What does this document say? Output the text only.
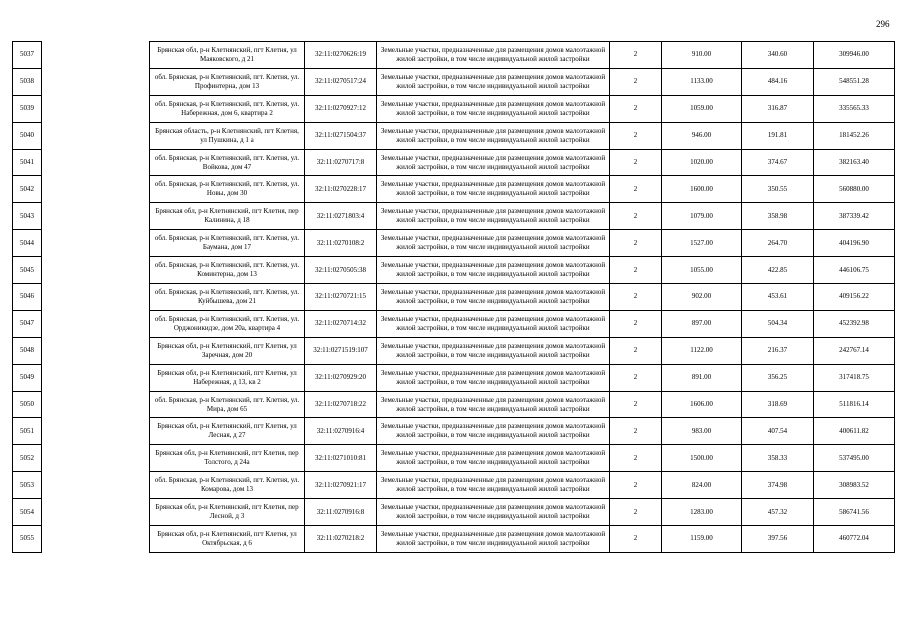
296
5037		Брянская обл, р-н Клетнянский, пгт Клетня, ул Маяковского, д 21	32:11:0270626:19	Земельные участки, предназначенные для размещения домов малоэтажной жилой застройки, в том числе индивидуальной жилой застройки	2	910.00	340.60	309946.00
5038		обл. Брянская, р-н Клетнянский, пгт. Клетня, ул. Профинтерна, дом 13	32:11:0270517:24	Земельные участки, предназначенные для размещения домов малоэтажной жилой застройки, в том числе индивидуальной жилой застройки	2	1133.00	484.16	548551.28
5039		обл. Брянская, р-н Клетнянский, пгт. Клетня, ул. Набережная, дом 6, квартира 2	32:11:0270927:12	Земельные участки, предназначенные для размещения домов малоэтажной жилой застройки, в том числе индивидуальной жилой застройки	2	1059.00	316.87	335565.33
5040		Брянская область, р-н Клетнянский, пгт Клетня, ул Пушкина, д 1 а	32:11:0271504:37	Земельные участки, предназначенные для размещения домов малоэтажной жилой застройки, в том числе индивидуальной жилой застройки	2	946.00	191.81	181452.26
5041		обл. Брянская, р-н Клетнянский, пгт. Клетня, ул. Войкова, дом 47	32:11:0270717:8	Земельные участки, предназначенные для размещения домов малоэтажной жилой застройки, в том числе индивидуальной жилой застройки	2	1020.00	374.67	382163.40
5042		обл. Брянская, р-н Клетнянский, пгт. Клетня, ул. Новы, дом 30	32:11:0270228:17	Земельные участки, предназначенные для размещения домов малоэтажной жилой застройки, в том числе индивидуальной жилой застройки	2	1600.00	350.55	560880.00
5043		Брянская обл, р-н Клетнянский, пгт Клетня, пер Калинина, д 18	32:11:0271803:4	Земельные участки, предназначенные для размещения домов малоэтажной жилой застройки, в том числе индивидуальной жилой застройки	2	1079.00	358.98	387339.42
5044		обл. Брянская, р-н Клетнянский, пгт. Клетня, ул. Баумана, дом 17	32:11:0270108:2	Земельные участки, предназначенные для размещения домов малоэтажной жилой застройки, в том числе индивидуальной жилой застройки	2	1527.00	264.70	404196.90
5045		обл. Брянская, р-н Клетнянский, пгт. Клетня, ул. Коминтерна, дом 13	32:11:0270505:38	Земельные участки, предназначенные для размещения домов малоэтажной жилой застройки, в том числе индивидуальной жилой застройки	2	1055.00	422.85	446106.75
5046		обл. Брянская, р-н Клетнянский, пгт. Клетня, ул. Куйбышева, дом 21	32:11:0270721:15	Земельные участки, предназначенные для размещения домов малоэтажной жилой застройки, в том числе индивидуальной жилой застройки	2	902.00	453.61	409156.22
5047		обл. Брянская, р-н Клетнянский, пгт. Клетня, ул. Орджоникидзе, дом 20а, квартира 4	32:11:0270714:32	Земельные участки, предназначенные для размещения домов малоэтажной жилой застройки, в том числе индивидуальной жилой застройки	2	897.00	504.34	452392.98
5048		Брянская обл, р-н Клетнянский, пгт Клетня, ул Заречная, дом 20	32:11:0271519:107	Земельные участки, предназначенные для размещения домов малоэтажной жилой застройки, в том числе индивидуальной жилой застройки	2	1122.00	216.37	242767.14
5049		Брянская обл, р-н Клетнянский, пгт Клетня, ул Набережная, д 13, кв 2	32:11:0270929:20	Земельные участки, предназначенные для размещения домов малоэтажной жилой застройки, в том числе индивидуальной жилой застройки	2	891.00	356.25	317418.75
5050		обл. Брянская, р-н Клетнянский, пгт. Клетня, ул. Мира, дом 65	32:11:0270718:22	Земельные участки, предназначенные для размещения домов малоэтажной жилой застройки, в том числе индивидуальной жилой застройки	2	1606.00	318.69	511816.14
5051		Брянская обл, р-н Клетнянский, пгт Клетня, ул Лесная, д 27	32:11:0270916:4	Земельные участки, предназначенные для размещения домов малоэтажной жилой застройки, в том числе индивидуальной жилой застройки	2	983.00	407.54	400611.82
5052		Брянская обл, р-н Клетнянский, пгт Клетня, пер Толстого, д 24а	32:11:0271010:81	Земельные участки, предназначенные для размещения домов малоэтажной жилой застройки, в том числе индивидуальной жилой застройки	2	1500.00	358.33	537495.00
5053		обл. Брянская, р-н Клетнянский, пгт. Клетня, ул. Комарова, дом 13	32:11:0270921:17	Земельные участки, предназначенные для размещения домов малоэтажной жилой застройки, в том числе индивидуальной жилой застройки	2	824.00	374.98	308983.52
5054		Брянская обл, р-н Клетнянский, пгт Клетня, пер Лесной, д 3	32:11:0270916:8	Земельные участки, предназначенные для размещения домов малоэтажной жилой застройки, в том числе индивидуальной жилой застройки	2	1283.00	457.32	586741.56
5055		Брянская обл, р-н Клетнянский, пгт Клетня, ул Октябрьская, д 6	32:11:0270218:2	Земельные участки, предназначенные для размещения домов малоэтажной жилой застройки, в том числе индивидуальной жилой застройки	2	1159.00	397.56	460772.04
